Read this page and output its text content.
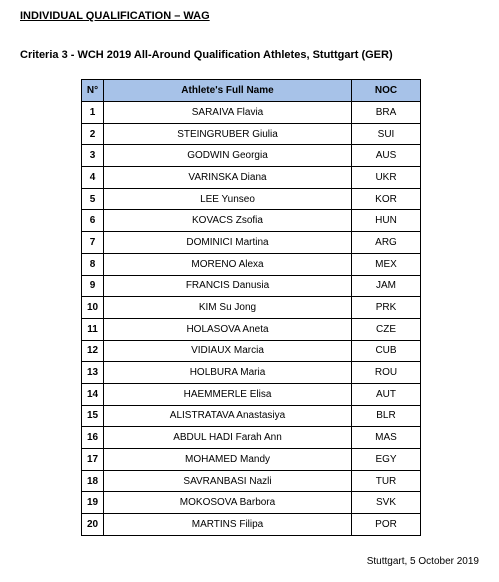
INDIVIDUAL QUALIFICATION – WAG
Criteria 3 - WCH 2019 All-Around Qualification Athletes, Stuttgart (GER)
N°	Athlete's Full Name	NOC
1	SARAIVA Flavia	BRA
2	STEINGRUBER Giulia	SUI
3	GODWIN Georgia	AUS
4	VARINSKA Diana	UKR
5	LEE Yunseo	KOR
6	KOVACS Zsofia	HUN
7	DOMINICI Martina	ARG
8	MORENO Alexa	MEX
9	FRANCIS Danusia	JAM
10	KIM Su Jong	PRK
11	HOLASOVA Aneta	CZE
12	VIDIAUX Marcia	CUB
13	HOLBURA Maria	ROU
14	HAEMMERLE Elisa	AUT
15	ALISTRATAVA Anastasiya	BLR
16	ABDUL HADI Farah Ann	MAS
17	MOHAMED Mandy	EGY
18	SAVRANBASI Nazli	TUR
19	MOKOSOVA Barbora	SVK
20	MARTINS Filipa	POR
Stuttgart, 5 October 2019
